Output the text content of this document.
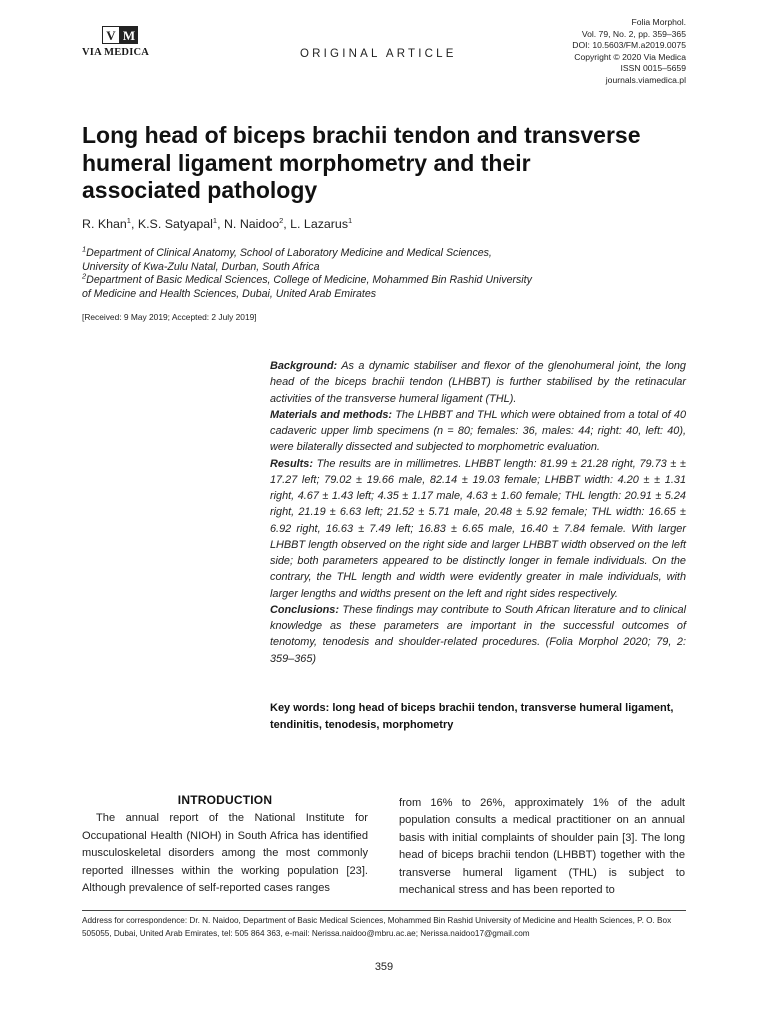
V M
VIA MEDICA	ORIGINAL ARTICLE
Folia Morphol.
Vol. 79, No. 2, pp. 359–365
DOI: 10.5603/FM.a2019.0075
Copyright © 2020 Via Medica
ISSN 0015–5659
journals.viamedica.pl
Long head of biceps brachii tendon and transverse humeral ligament morphometry and their associated pathology
R. Khan$^1$, K.S. Satyapal$^1$, N. Naidoo$^2$, L. Lazarus$^1$
$^1$Department of Clinical Anatomy, School of Laboratory Medicine and Medical Sciences,
University of Kwa-Zulu Natal, Durban, South Africa
$^2$Department of Basic Medical Sciences, College of Medicine, Mohammed Bin Rashid University
of Medicine and Health Sciences, Dubai, United Arab Emirates
[Received: 9 May 2019; Accepted: 2 July 2019]

Background: As a dynamic stabiliser and flexor of the glenohumeral joint, the long head of the biceps brachii tendon (LHBBT) is further stabilised by the retinacular activities of the transverse humeral ligament (THL).

Materials and methods: The LHBBT and THL which were obtained from a total of 40 cadaveric upper limb specimens (n = 80; females: 36, males: 44; right: 40, left: 40), were bilaterally dissected and subjected to morphometric evaluation.

Results: The results are in millimetres. LHBBT length: 81.99 ± 21.28 right, 79.73 ± ± 17.27 left; 79.02 ± 19.66 male, 82.14 ± 19.03 female; LHBBT width: 4.20 ± ± 1.31 right, 4.67 ± 1.43 left; 4.35 ± 1.17 male, 4.63 ± 1.60 female; THL length: 20.91 ± 5.24 right, 21.19 ± 6.63 left; 21.52 ± 5.71 male, 20.48 ± 5.92 female; THL width: 16.65 ± 6.92 right, 16.63 ± 7.49 left; 16.83 ± 6.65 male, 16.40 ± 7.84 female. With larger LHBBT length observed on the right side and larger LHBBT width observed on the left side; both parameters appeared to be distinctly longer in female individuals. On the contrary, the THL length and width were evidently greater in male individuals, with larger lengths and widths present on the left and right sides respectively.

Conclusions: These findings may contribute to South African literature and to clinical knowledge as these parameters are important in the successful outcomes of tenotomy, tenodesis and shoulder-related procedures. (Folia Morphol 2020; 79, 2: 359–365)

Key words: long head of biceps brachii tendon, transverse humeral ligament, tendinitis, tenodesis, morphometry
INTRODUCTION

The annual report of the National Institute for Occupational Health (NIOH) in South Africa has identified musculoskeletal disorders among the most commonly reported illnesses within the working population [23]. Although prevalence of self-reported cases ranges

from 16% to 26%, approximately 1% of the adult population consults a medical practitioner on an annual basis with initial complaints of shoulder pain [3]. The long head of biceps brachii tendon (LHBBT) together with the transverse humeral ligament (THL) is subject to mechanical stress and has been reported to

Address for correspondence: Dr. N. Naidoo, Department of Basic Medical Sciences, Mohammed Bin Rashid University of Medicine and Health Sciences, P. O. Box 505055, Dubai, United Arab Emirates, tel: 505 864 363, e-mail: Nerissa.naidoo@mbru.ac.ae; Nerissa.naidoo17@gmail.com
359
